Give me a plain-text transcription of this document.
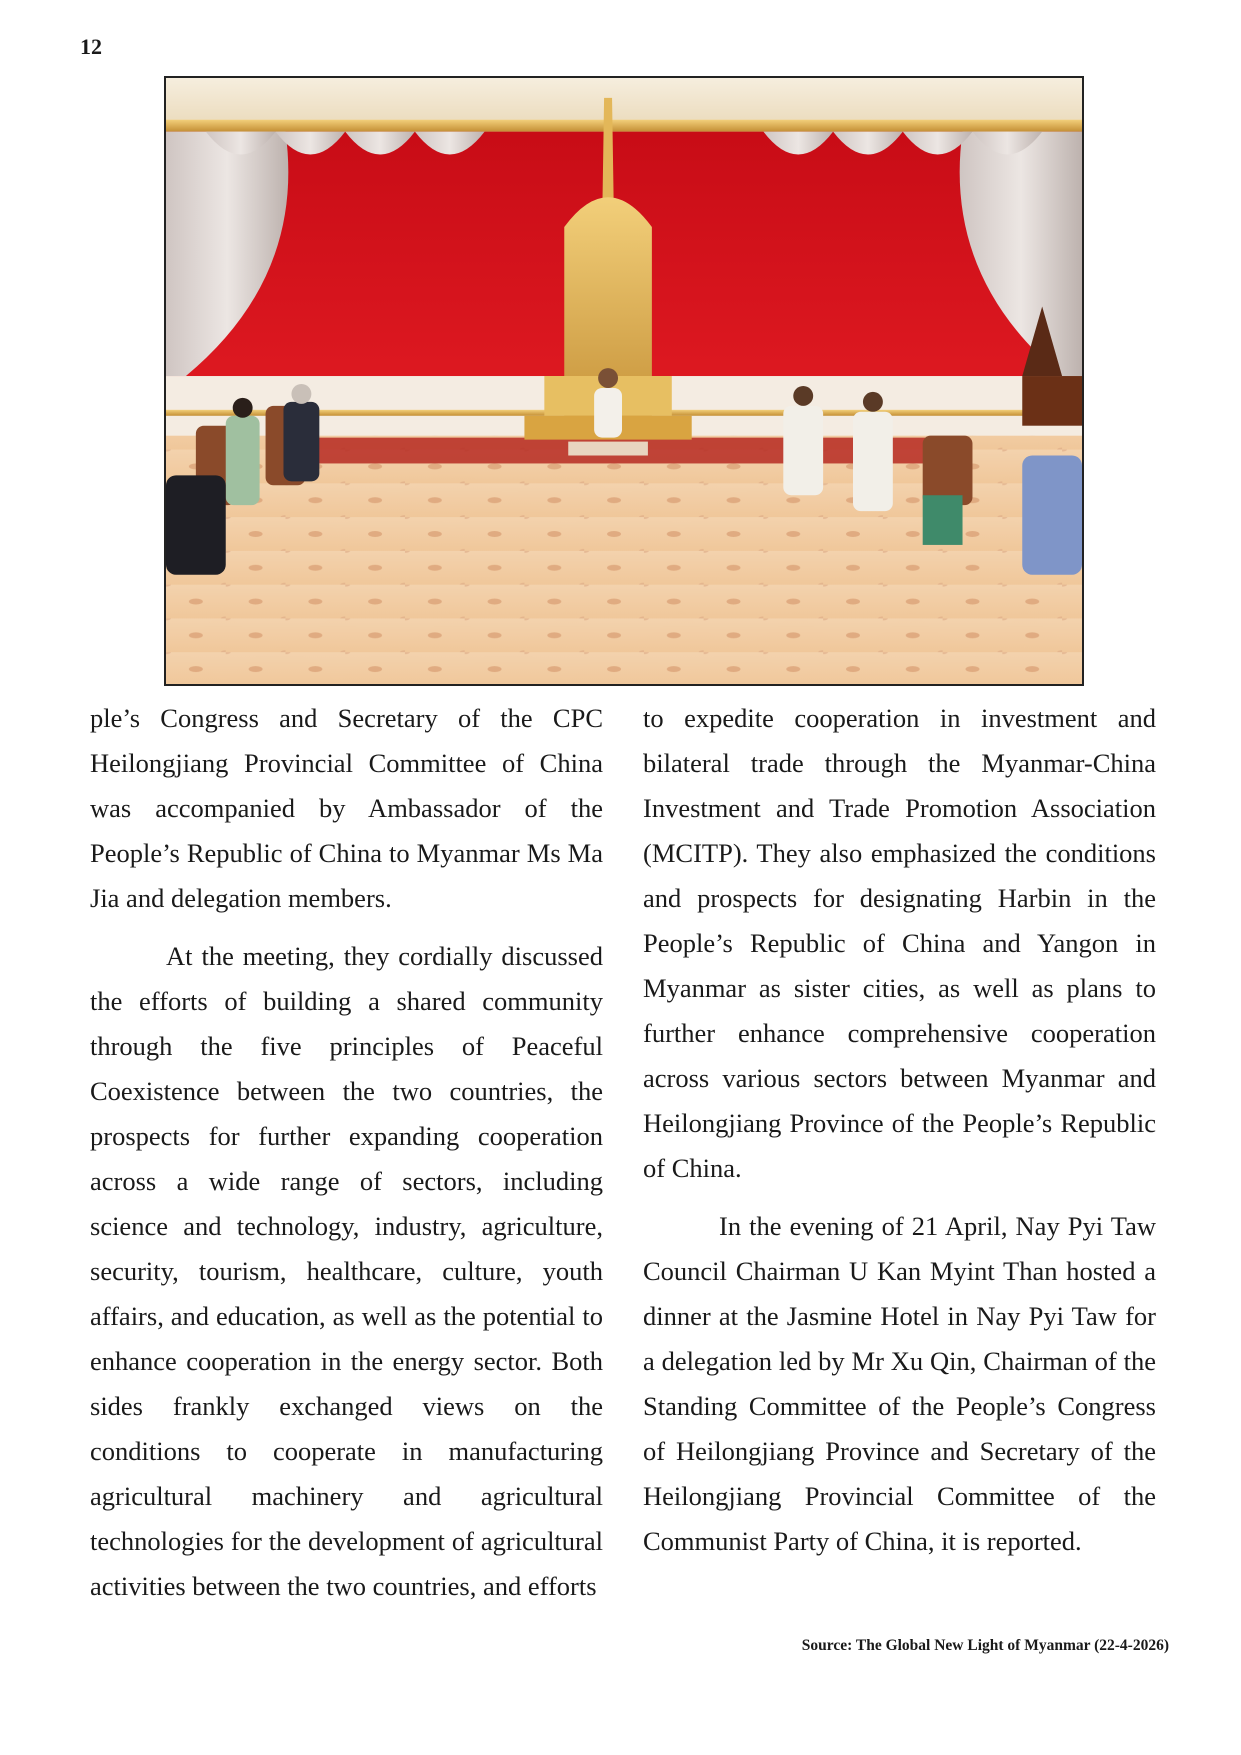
12

ple’s Congress and Secretary of the CPC Heilongjiang Provincial Committee of China was accompanied by Ambassador of the People’s Republic of China to Myanmar Ms Ma Jia and delegation members.

At the meeting, they cordially discussed the efforts of building a shared community through the five principles of Peaceful Coexistence between the two countries, the prospects for further expanding cooperation across a wide range of sectors, including science and technology, industry, agriculture, security, tourism, healthcare, culture, youth affairs, and education, as well as the potential to enhance cooperation in the energy sector. Both sides frankly exchanged views on the conditions to cooperate in manufacturing agricultural machinery and agricultural technologies for the development of agricultural activities between the two countries, and efforts

to expedite cooperation in investment and bilateral trade through the Myanmar-China Investment and Trade Promotion Association (MCITP). They also emphasized the conditions and prospects for designating Harbin in the People’s Republic of China and Yangon in Myanmar as sister cities, as well as plans to further enhance comprehensive cooperation across various sectors between Myanmar and Heilongjiang Province of the People’s Republic of China.

In the evening of 21 April, Nay Pyi Taw Council Chairman U Kan Myint Than hosted a dinner at the Jasmine Hotel in Nay Pyi Taw for a delegation led by Mr Xu Qin, Chairman of the Standing Committee of the People’s Congress of Heilongjiang Province and Secretary of the Heilongjiang Provincial Committee of the Communist Party of China, it is reported.

Source: The Global New Light of Myanmar (22-4-2026)
